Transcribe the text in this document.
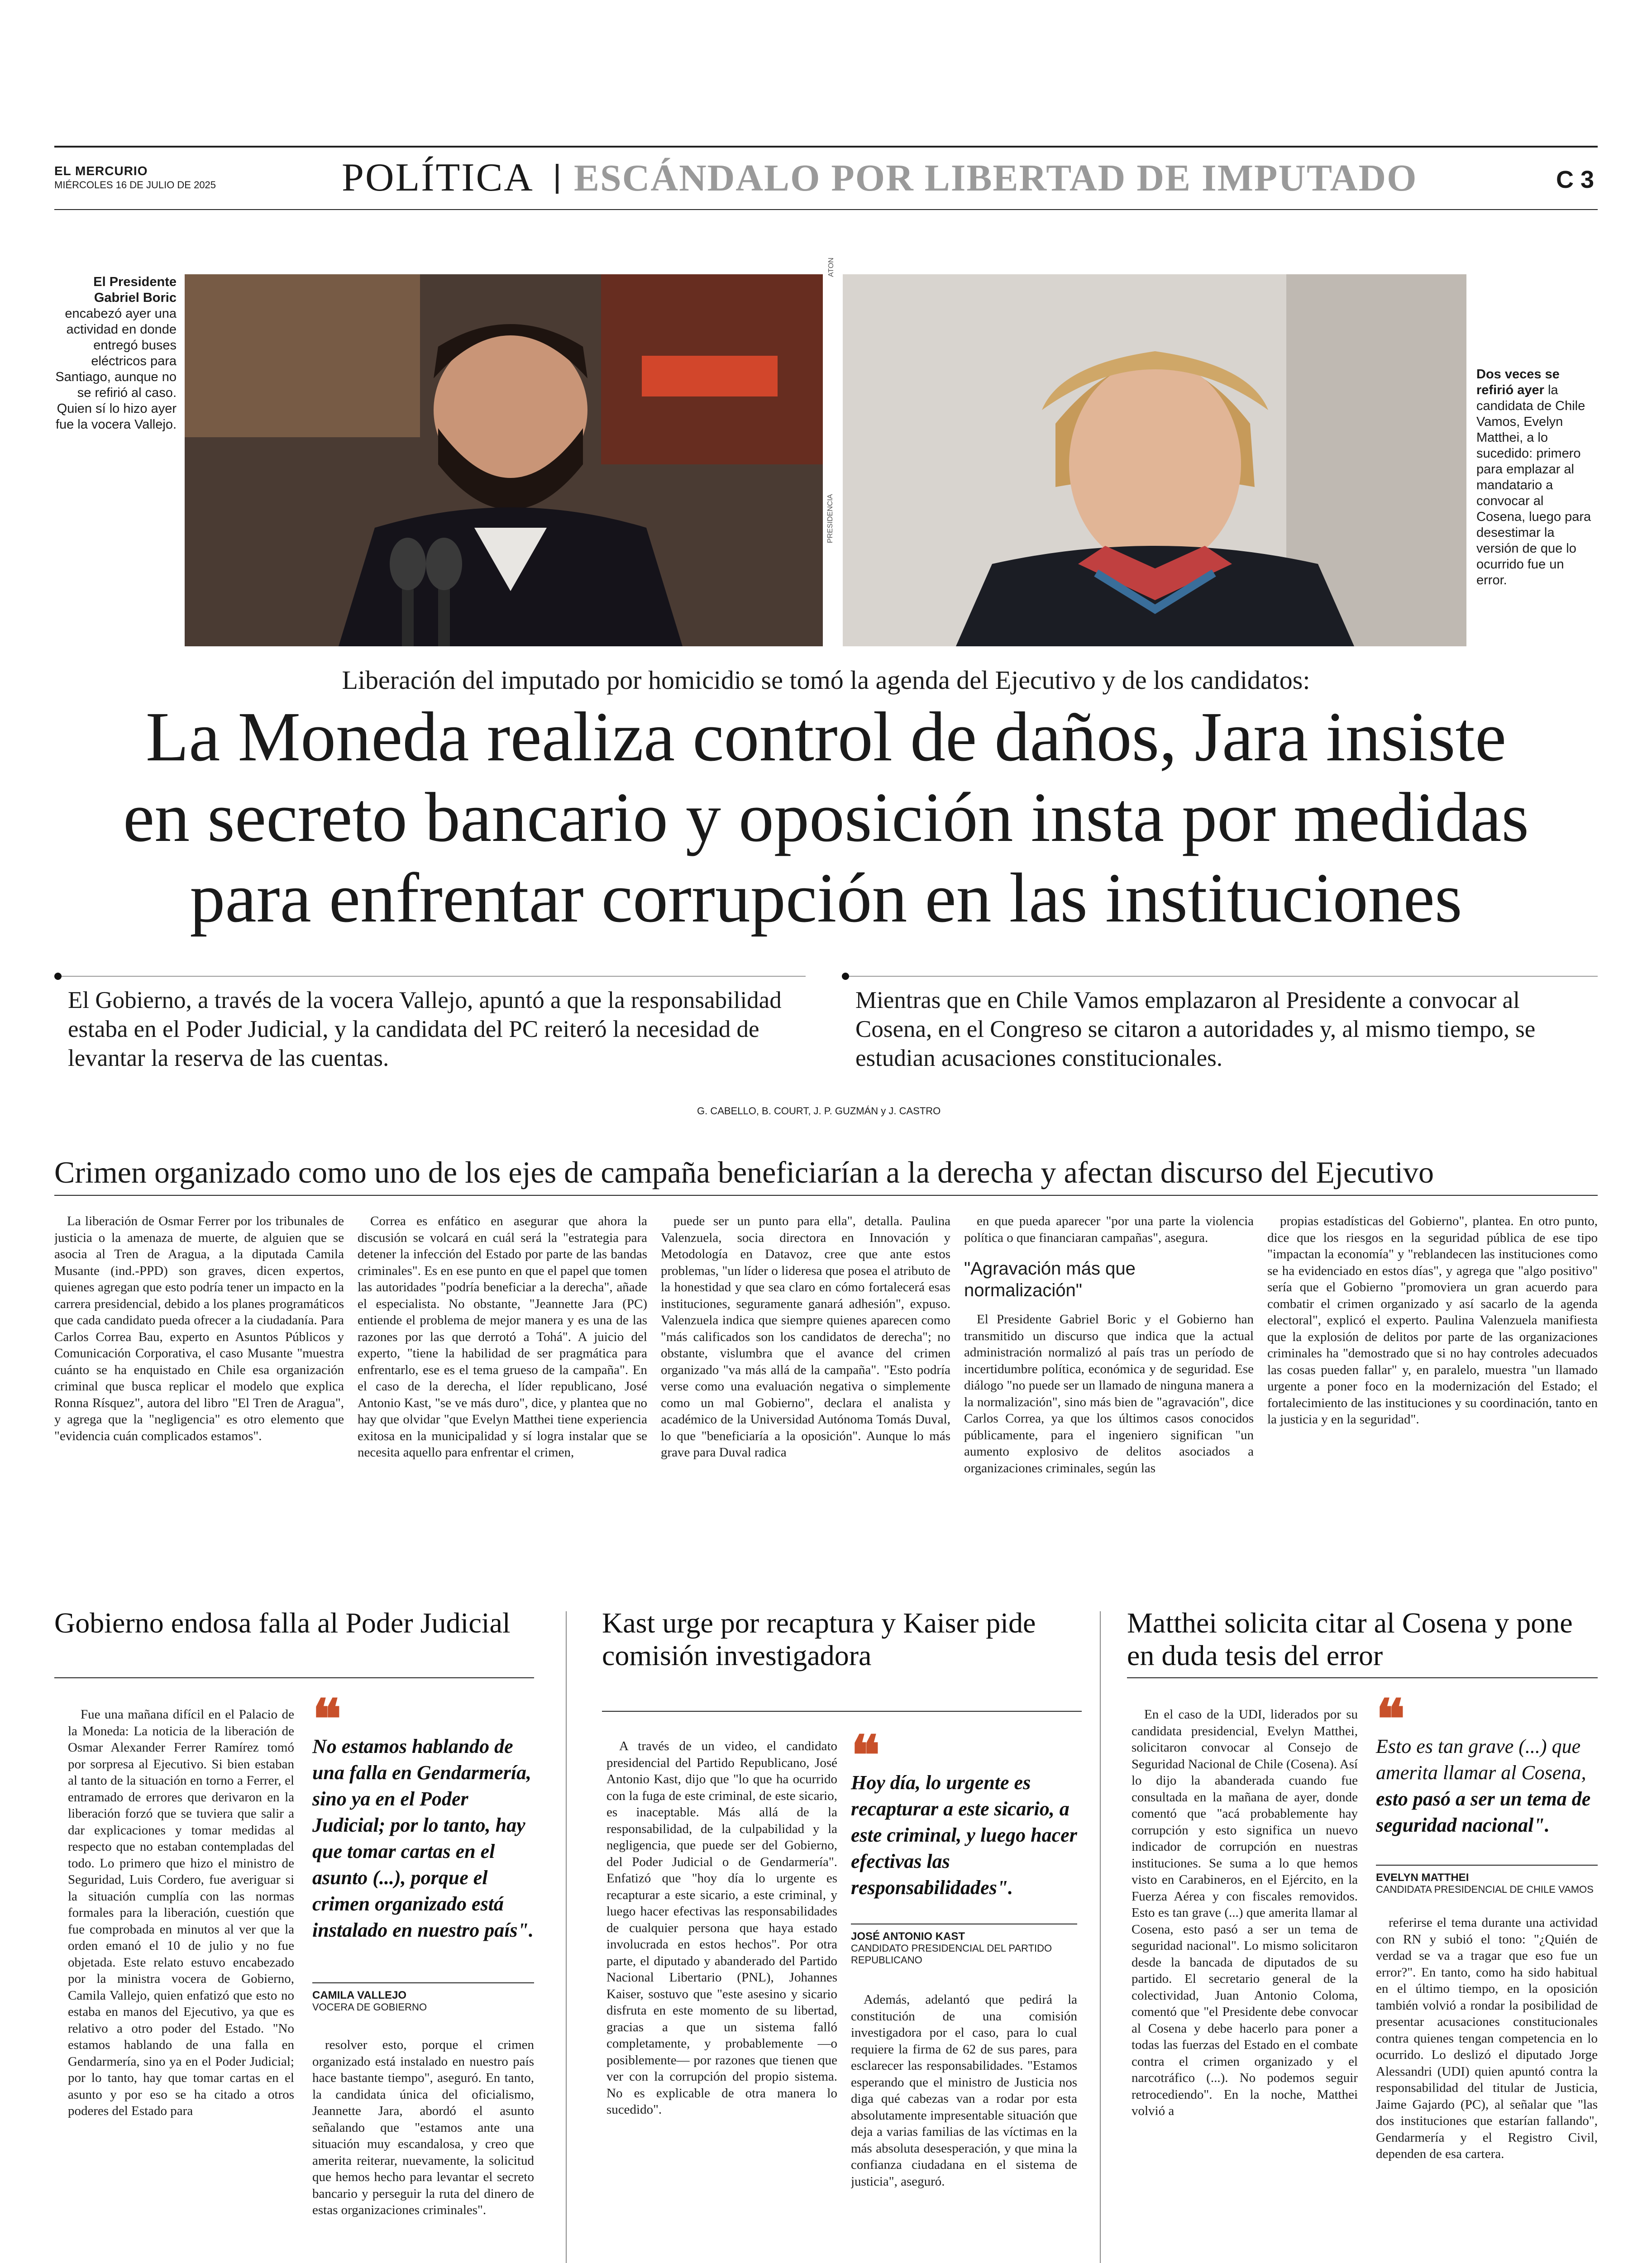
EL MERCURIO
MIÉRCOLES 16 DE JULIO DE 2025	POLÍTICA ESCÁNDALO POR LIBERTAD DE IMPUTADO	C 3
El Presidente Gabriel Boric encabezó ayer una actividad en donde entregó buses eléctricos para Santiago, aunque no se refirió al caso. Quien sí lo hizo ayer fue la vocera Vallejo.
PRESIDENCIA
ATON
Dos veces se refirió ayer la candidata de Chile Vamos, Evelyn Matthei, a lo sucedido: primero para emplazar al mandatario a convocar al Cosena, luego para desestimar la versión de que lo ocurrido fue un error.
Liberación del imputado por homicidio se tomó la agenda del Ejecutivo y de los candidatos:
La Moneda realiza control de daños, Jara insiste
en secreto bancario y oposición insta por medidas
para enfrentar corrupción en las instituciones
El Gobierno, a través de la vocera Vallejo, apuntó a que la responsabilidad estaba en el Poder Judicial, y la candidata del PC reiteró la necesidad de levantar la reserva de las cuentas.
Mientras que en Chile Vamos emplazaron al Presidente a convocar al Cosena, en el Congreso se citaron a autoridades y, al mismo tiempo, se estudian acusaciones constitucionales.
G. CABELLO, B. COURT, J. P. GUZMÁN y J. CASTRO
Crimen organizado como uno de los ejes de campaña beneficiarían a la derecha y afectan discurso del Ejecutivo

La liberación de Osmar Ferrer por los tribunales de justicia o la amenaza de muerte, de alguien que se asocia al Tren de Aragua, a la diputada Camila Musante (ind.-PPD) son graves, dicen expertos, quienes agregan que esto podría tener un impacto en la carrera presidencial, debido a los planes programáticos que cada candidato pueda ofrecer a la ciudadanía. Para Carlos Correa Bau, experto en Asuntos Públicos y Comunicación Corporativa, el caso Musante "muestra cuánto se ha enquistado en Chile esa organización criminal que busca replicar el modelo que explica Ronna Rísquez", autora del libro "El Tren de Aragua", y agrega que la "negligencia" es otro elemento que "evidencia cuán complicados estamos".

Correa es enfático en asegurar que ahora la discusión se volcará en cuál será la "estrategia para detener la infección del Estado por parte de las bandas criminales". Es en ese punto en que el papel que tomen las autoridades "podría beneficiar a la derecha", añade el especialista. No obstante, "Jeannette Jara (PC) entiende el problema de mejor manera y es una de las razones por las que derrotó a Tohá". A juicio del experto, "tiene la habilidad de ser pragmática para enfrentarlo, ese es el tema grueso de la campaña". En el caso de la derecha, el líder republicano, José Antonio Kast, "se ve más duro", dice, y plantea que no hay que olvidar "que Evelyn Matthei tiene experiencia exitosa en la municipalidad y sí logra instalar que se necesita aquello para enfrentar el crimen,

puede ser un punto para ella", detalla. Paulina Valenzuela, socia directora en Innovación y Metodología en Datavoz, cree que ante estos problemas, "un líder o lideresa que posea el atributo de la honestidad y que sea claro en cómo fortalecerá esas instituciones, seguramente ganará adhesión", expuso. Valenzuela indica que siempre quienes aparecen como "más calificados son los candidatos de derecha"; no obstante, vislumbra que el avance del crimen organizado "va más allá de la campaña". "Esto podría verse como una evaluación negativa o simplemente como un mal Gobierno", declara el analista y académico de la Universidad Autónoma Tomás Duval, lo que "beneficiaría a la oposición". Aunque lo más grave para Duval radica

en que pueda aparecer "por una parte la violencia política o que financiaran campañas", asegura.

"Agravación más que normalización"

El Presidente Gabriel Boric y el Gobierno han transmitido un discurso que indica que la actual administración normalizó al país tras un período de incertidumbre política, económica y de seguridad. Ese diálogo "no puede ser un llamado de ninguna manera a la normalización", sino más bien de "agravación", dice Carlos Correa, ya que los últimos casos conocidos públicamente, para el ingeniero significan "un aumento explosivo de delitos asociados a organizaciones criminales, según las

propias estadísticas del Gobierno", plantea. En otro punto, dice que los riesgos en la seguridad pública de ese tipo "impactan la economía" y "reblandecen las instituciones como se ha evidenciado en estos días", y agrega que "algo positivo" sería que el Gobierno "promoviera un gran acuerdo para combatir el crimen organizado y así sacarlo de la agenda electoral", explicó el experto. Paulina Valenzuela manifiesta que la explosión de delitos por parte de las organizaciones criminales ha "demostrado que si no hay controles adecuados las cosas pueden fallar" y, en paralelo, muestra "un llamado urgente a poner foco en la modernización del Estado; el fortalecimiento de las instituciones y su coordinación, tanto en la justicia y en la seguridad".

Gobierno endosa falla al Poder Judicial

Fue una mañana difícil en el Palacio de la Moneda: La noticia de la liberación de Osmar Alexander Ferrer Ramírez tomó por sorpresa al Ejecutivo. Si bien estaban al tanto de la situación en torno a Ferrer, el entramado de errores que derivaron en la liberación forzó que se tuviera que salir a dar explicaciones y tomar medidas al respecto que no estaban contempladas del todo. Lo primero que hizo el ministro de Seguridad, Luis Cordero, fue averiguar si la situación cumplía con las normas formales para la liberación, cuestión que fue comprobada en minutos al ver que la orden emanó el 10 de julio y no fue objetada. Este relato estuvo encabezado por la ministra vocera de Gobierno, Camila Vallejo, quien enfatizó que esto no estaba en manos del Ejecutivo, ya que es relativo a otro poder del Estado. "No estamos hablando de una falla en Gendarmería, sino ya en el Poder Judicial; por lo tanto, hay que tomar cartas en el asunto y por eso se ha citado a otros poderes del Estado para

❝
No estamos hablando de una falla en Gendarmería, sino ya en el Poder Judicial; por lo tanto, hay que tomar cartas en el asunto (...), porque el crimen organizado está instalado en nuestro país".
CAMILA VALLEJO
VOCERA DE GOBIERNO

resolver esto, porque el crimen organizado está instalado en nuestro país hace bastante tiempo", aseguró. En tanto, la candidata única del oficialismo, Jeannette Jara, abordó el asunto señalando que "estamos ante una situación muy escandalosa, y creo que amerita reiterar, nuevamente, la solicitud que hemos hecho para levantar el secreto bancario y perseguir la ruta del dinero de estas organizaciones criminales".

Kast urge por recaptura y Kaiser pide comisión investigadora

A través de un video, el candidato presidencial del Partido Republicano, José Antonio Kast, dijo que "lo que ha ocurrido con la fuga de este criminal, de este sicario, es inaceptable. Más allá de la responsabilidad, de la culpabilidad y la negligencia, que puede ser del Gobierno, del Poder Judicial o de Gendarmería". Enfatizó que "hoy día lo urgente es recapturar a este sicario, a este criminal, y luego hacer efectivas las responsabilidades de cualquier persona que haya estado involucrada en estos hechos". Por otra parte, el diputado y abanderado del Partido Nacional Libertario (PNL), Johannes Kaiser, sostuvo que "este asesino y sicario disfruta en este momento de su libertad, gracias a que un sistema falló completamente, y probablemente —o posiblemente— por razones que tienen que ver con la corrupción del propio sistema. No es explicable de otra manera lo sucedido".

❝
Hoy día, lo urgente es recapturar a este sicario, a este criminal, y luego hacer efectivas las responsabilidades".
JOSÉ ANTONIO KAST
CANDIDATO PRESIDENCIAL DEL PARTIDO REPUBLICANO

Además, adelantó que pedirá la constitución de una comisión investigadora por el caso, para lo cual requiere la firma de 62 de sus pares, para esclarecer las responsabilidades. "Estamos esperando que el ministro de Justicia nos diga qué cabezas van a rodar por esta absolutamente impresentable situación que deja a varias familias de las víctimas en la más absoluta desesperación, y que mina la confianza ciudadana en el sistema de justicia", aseguró.

Matthei solicita citar al Cosena y pone en duda tesis del error

En el caso de la UDI, liderados por su candidata presidencial, Evelyn Matthei, solicitaron convocar al Consejo de Seguridad Nacional de Chile (Cosena). Así lo dijo la abanderada cuando fue consultada en la mañana de ayer, donde comentó que "acá probablemente hay corrupción y esto significa un nuevo indicador de corrupción en nuestras instituciones. Se suma a lo que hemos visto en Carabineros, en el Ejército, en la Fuerza Aérea y con fiscales removidos. Esto es tan grave (...) que amerita llamar al Cosena, esto pasó a ser un tema de seguridad nacional". Lo mismo solicitaron desde la bancada de diputados de su partido. El secretario general de la colectividad, Juan Antonio Coloma, comentó que "el Presidente debe convocar al Cosena y debe hacerlo para poner a todas las fuerzas del Estado en el combate contra el crimen organizado y el narcotráfico (...). No podemos seguir retrocediendo". En la noche, Matthei volvió a

❝
Esto es tan grave (...) que amerita llamar al Cosena, esto pasó a ser un tema de seguridad nacional".
EVELYN MATTHEI
CANDIDATA PRESIDENCIAL DE CHILE VAMOS

referirse el tema durante una actividad con RN y subió el tono: "¿Quién de verdad se va a tragar que eso fue un error?". En tanto, como ha sido habitual en el último tiempo, en la oposición también volvió a rondar la posibilidad de presentar acusaciones constitucionales contra quienes tengan competencia en lo ocurrido. Lo deslizó el diputado Jorge Alessandri (UDI) quien apuntó contra la responsabilidad del titular de Justicia, Jaime Gajardo (PC), al señalar que "las dos instituciones que estarían fallando", Gendarmería y el Registro Civil, dependen de esa cartera.
